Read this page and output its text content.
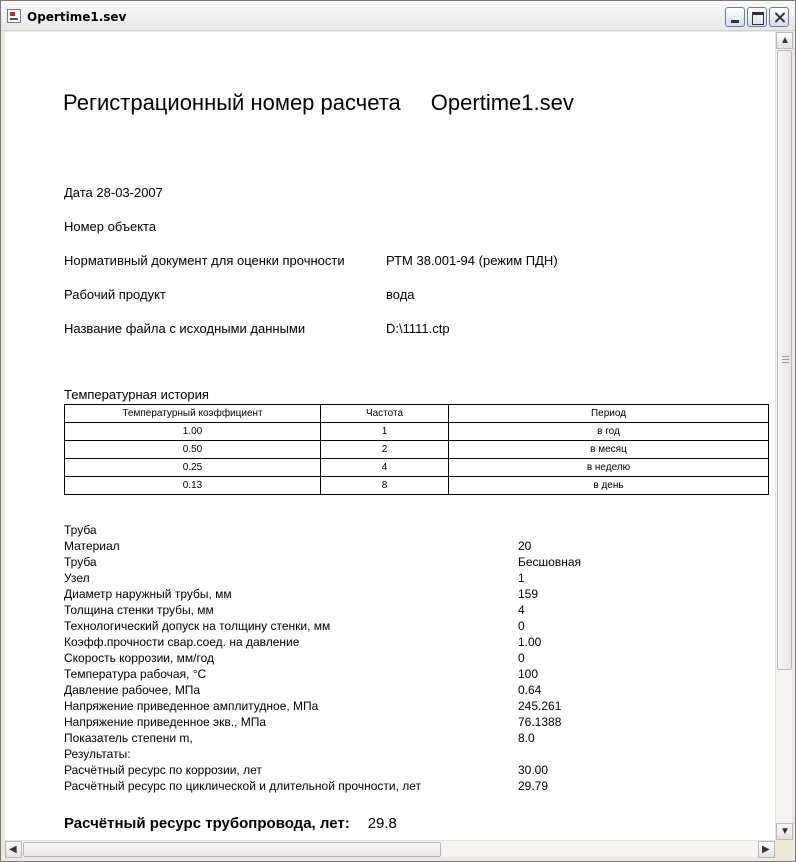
Opertime1.sev
Регистрационный номер расчета Opertime1.sev
Дата 28-03-2007
Номер объекта
Нормативный документ для оценки прочности	РТМ 38.001-94 (режим ПДН)
Рабочий продукт	вода
Название файла с исходными данными	D:\1111.ctp
Температурная история
Температурный коэффициент	Частота	Период
1.00	1	в год
0.50	2	в месяц
0.25	4	в неделю
0.13	8	в день
Труба
Материал	20
Труба	Бесшовная
Узел	1
Диаметр наружный трубы, мм	159
Толщина стенки трубы, мм	4
Технологический допуск на толщину стенки, мм	0
Коэфф.прочности свар.соед. на давление	1.00
Скорость коррозии, мм/год	0
Температура рабочая, °C	100
Давление рабочее, МПа	0.64
Напряжение приведенное амплитудное, МПа	245.261
Напряжение приведенное экв., МПа	76.1388
Показатель степени m,	8.0
Результаты:
Расчётный ресурс по коррозии, лет	30.00
Расчётный ресурс по циклической и длительной прочности, лет	29.79
Расчётный ресурс трубопровода, лет: 29.8
▲
▼
◀	▶
